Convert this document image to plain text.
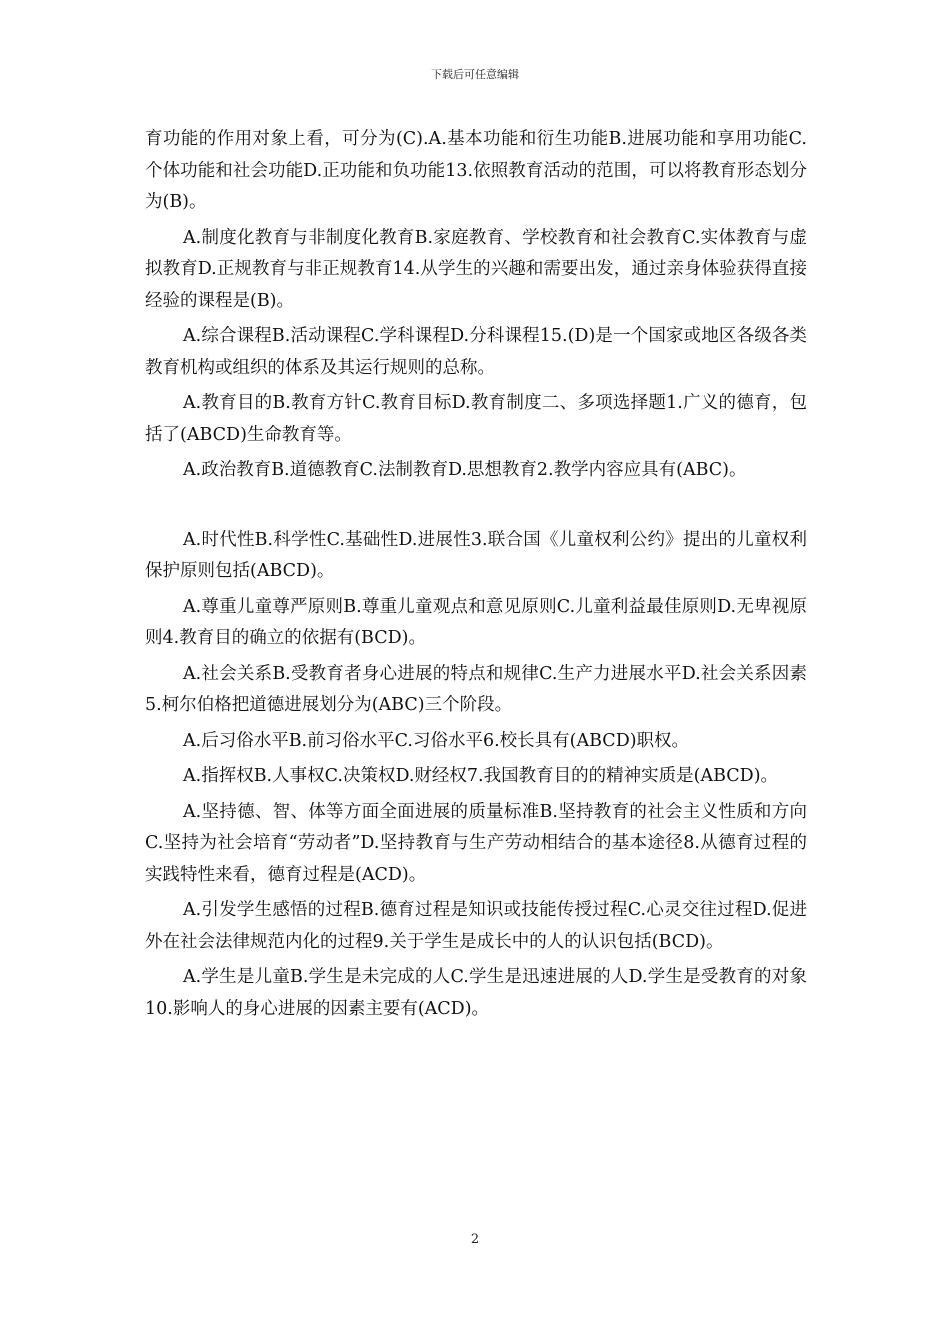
下载后可任意编辑

育功能的作用对象上看，可分为(C).A.基本功能和衍生功能B.进展功能和享用功能C.个体功能和社会功能D.正功能和负功能13.依照教育活动的范围，可以将教育形态划分为(B)。

A.制度化教育与非制度化教育B.家庭教育、学校教育和社会教育C.实体教育与虚拟教育D.正规教育与非正规教育14.从学生的兴趣和需要出发，通过亲身体验获得直接经验的课程是(B)。

A.综合课程B.活动课程C.学科课程D.分科课程15.(D)是一个国家或地区各级各类教育机构或组织的体系及其运行规则的总称。

A.教育目的B.教育方针C.教育目标D.教育制度二、多项选择题1.广义的德育，包括了(ABCD)生命教育等。

A.政治教育B.道德教育C.法制教育D.思想教育2.教学内容应具有(ABC)。

A.时代性B.科学性C.基础性D.进展性3.联合国《儿童权利公约》提出的儿童权利保护原则包括(ABCD)。

A.尊重儿童尊严原则B.尊重儿童观点和意见原则C.儿童利益最佳原则D.无卑视原则4.教育目的确立的依据有(BCD)。

A.社会关系B.受教育者身心进展的特点和规律C.生产力进展水平D.社会关系因素5.柯尔伯格把道德进展划分为(ABC)三个阶段。

A.后习俗水平B.前习俗水平C.习俗水平6.校长具有(ABCD)职权。

A.指挥权B.人事权C.决策权D.财经权7.我国教育目的的精神实质是(ABCD)。

A.坚持德、智、体等方面全面进展的质量标准B.坚持教育的社会主义性质和方向C.坚持为社会培育“劳动者”D.坚持教育与生产劳动相结合的基本途径8.从德育过程的实践特性来看，德育过程是(ACD)。

A.引发学生感悟的过程B.德育过程是知识或技能传授过程C.心灵交往过程D.促进外在社会法律规范内化的过程9.关于学生是成长中的人的认识包括(BCD)。

A.学生是儿童B.学生是未完成的人C.学生是迅速进展的人D.学生是受教育的对象10.影响人的身心进展的因素主要有(ACD)。

2
